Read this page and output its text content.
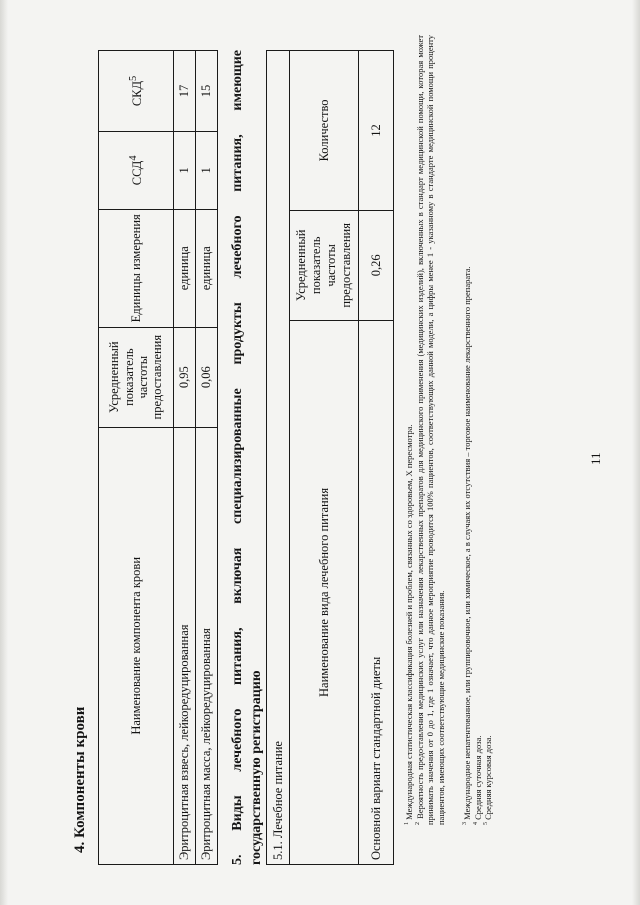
11
4. Компоненты крови
Наименование компонента крови	Усредненный показатель частоты предоставления	Единицы измерения	ССД$^4$	СКД$^5$
Эритроцитная взвесь, лейкоредуцированная	0,95	единица	1	17
Эритроцитная масса, лейкоредуцированная	0,06	единица	1	15 5. Виды лечебного питания, включая специализированные продукты лечебного питания, имеющие государственную регистрацию 5.1. Лечебное питание		
Наименование вида лечебного питания	Усредненный показатель частоты предоставления	Количество
Основной вариант стандартной диеты	0,26	12
$^1$ Международная статистическая классификация болезней и проблем, связанных со здоровьем, X пересмотра.
$^2$ Вероятность предоставления медицинских услуг или назначения лекарственных препаратов для медицинского применения (медицинских изделий), включенных в стандарт медицинской помощи, которая может принимать значения от 0 до 1, где 1 означает, что данное мероприятие проводится 100% пациентов, соответствующих данной модели, а цифры менее 1 - указанному в стандарте медицинской помощи проценту пациентов, имеющих соответствующие медицинские показания.	$^3$ Международное непатентованное, или группировочное, или химическое, а в случаях их отсутствия – торговое наименование лекарственного препарата.
$^4$ Средняя суточная доза.
$^5$ Средняя курсовая доза.
